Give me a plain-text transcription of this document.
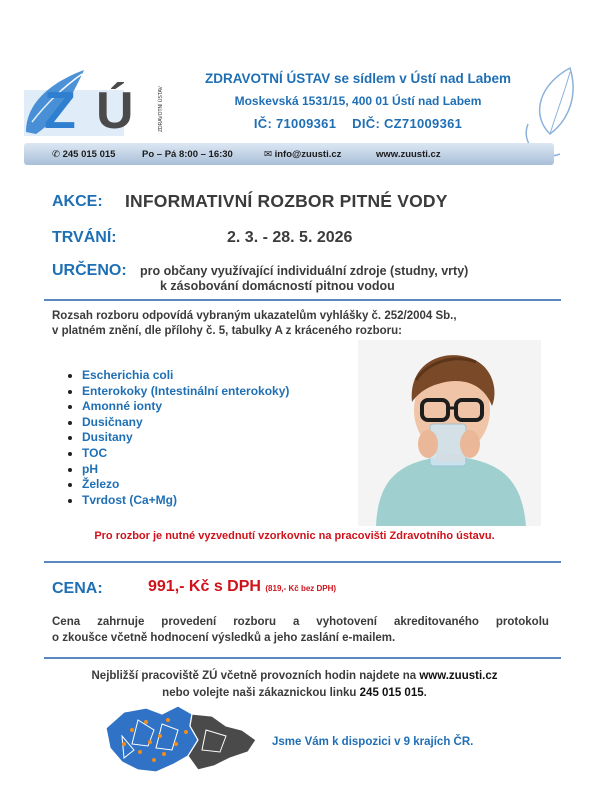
Z Ú	ZDRAVOTNÍ ÚSTAV
ZDRAVOTNÍ ÚSTAV se sídlem v Ústí nad Labem
Moskevská 1531/15, 400 01 Ústí nad Labem
IČ: 71009361 DIČ: CZ71009361
✆ 245 015 015	Po – Pá 8:00 – 16:30	✉ info@zuusti.cz	www.zuusti.cz
AKCE: INFORMATIVNÍ ROZBOR PITNÉ VODY
TRVÁNÍ:	2. 3. - 28. 5. 2026
URČENO: pro občany využívající individuální zdroje (studny, vrty)
k zásobování domácností pitnou vodou
Rozsah rozboru odpovídá vybraným ukazatelům vyhlášky č. 252/2004 Sb.,
v platném znění, dle přílohy č. 5, tabulky A z kráceného rozboru:
• Escherichia coli
• Enterokoky (Intestinální enterokoky)
• Amonné ionty
• Dusičnany
• Dusitany
• TOC
• pH
• Železo
• Tvrdost (Ca+Mg)
Pro rozbor je nutné vyzvednutí vzorkovnic na pracovišti Zdravotního ústavu.
CENA:	991,- Kč s DPH (819,- Kč bez DPH)
Cena zahrnuje provedení rozboru a vyhotovení akreditovaného protokolu
o zkoušce včetně hodnocení výsledků a jeho zaslání e-mailem.
Nejbližší pracoviště ZÚ včetně provozních hodin najdete na www.zuusti.cz
nebo volejte naši zákaznickou linku 245 015 015.
Jsme Vám k dispozici v 9 krajích ČR.
